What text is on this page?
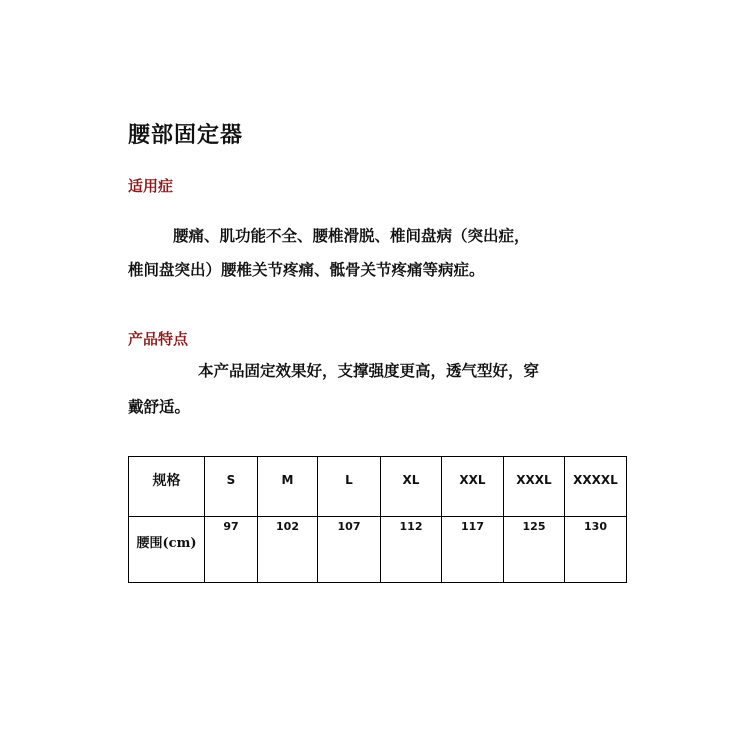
腰部固定器
适用症
腰痛、肌功能不全、腰椎滑脱、椎间盘病（突出症，
椎间盘突出）腰椎关节疼痛、骶骨关节疼痛等病症。
产品特点
本产品固定效果好，支撑强度更高，透气型好，穿
戴舒适。
规格	S	M	L	XL	XXL	XXXL	XXXXL
腰围(cm)	97	102	107	112	117	125	130
